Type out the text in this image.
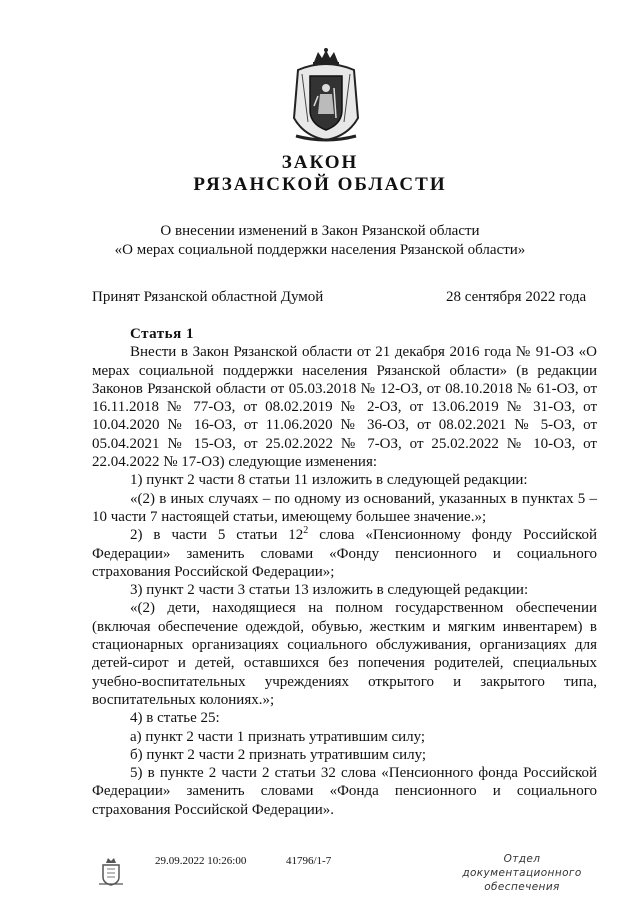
ЗАКОН
РЯЗАНСКОЙ ОБЛАСТИ
О внесении изменений в Закон Рязанской области
«О мерах социальной поддержки населения Рязанской области»
Принят Рязанской областной Думой	28 сентября 2022 года

Статья 1

Внести в Закон Рязанской области от 21 декабря 2016 года № 91-ОЗ «О мерах социальной поддержки населения Рязанской области» (в редакции Законов Рязанской области от 05.03.2018 № 12-ОЗ, от 08.10.2018 № 61-ОЗ, от 16.11.2018 № 77-ОЗ, от 08.02.2019 № 2-ОЗ, от 13.06.2019 № 31-ОЗ, от 10.04.2020 № 16-ОЗ, от 11.06.2020 № 36-ОЗ, от 08.02.2021 № 5-ОЗ, от 05.04.2021 № 15-ОЗ, от 25.02.2022 № 7-ОЗ, от 25.02.2022 № 10-ОЗ, от 22.04.2022 № 17-ОЗ) следующие изменения:

1) пункт 2 части 8 статьи 11 изложить в следующей редакции:

«(2) в иных случаях – по одному из оснований, указанных в пунктах 5 – 10 части 7 настоящей статьи, имеющему большее значение.»;

2) в части 5 статьи $12^2$ слова «Пенсионному фонду Российской Федерации» заменить словами «Фонду пенсионного и социального страхования Российской Федерации»;

3) пункт 2 части 3 статьи 13 изложить в следующей редакции:

«(2) дети, находящиеся на полном государственном обеспечении (включая обеспечение одеждой, обувью, жестким и мягким инвентарем) в стационарных организациях социального обслуживания, организациях для детей-сирот и детей, оставшихся без попечения родителей, специальных учебно-воспитательных учреждениях открытого и закрытого типа, воспитательных колониях.»;

4) в статье 25:

а) пункт 2 части 1 признать утратившим силу;

б) пункт 2 части 2 признать утратившим силу;

5) в пункте 2 части 2 статьи 32 слова «Пенсионного фонда Российской Федерации» заменить словами «Фонда пенсионного и социального страхования Российской Федерации».

29.09.2022 10:26:00	41796/1-7	Отдел документационного
обеспечения
